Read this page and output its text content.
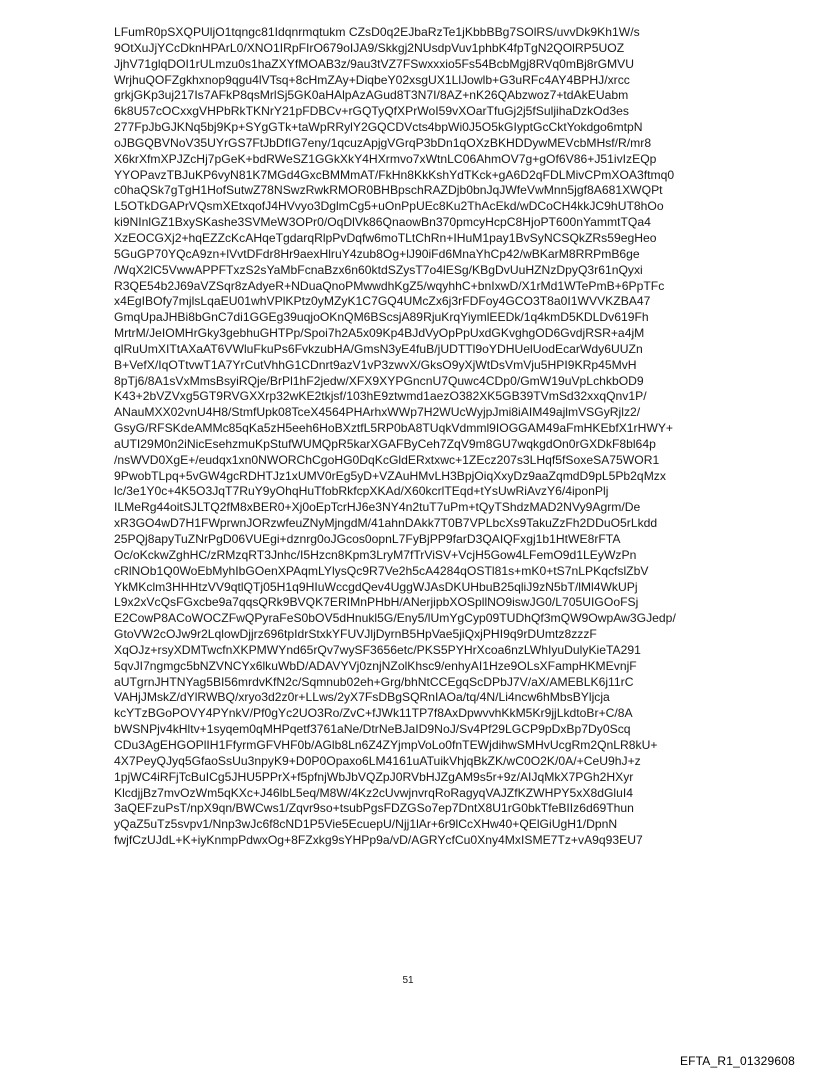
LFumR0pSXQPUljO1tqngc81Idqnrmqtukm CZsD0q2EJbaRzTe1jKbbBBg7SOlRS/uvvDk9Kh1W/s
9OtXuJjYCcDknHPArL0/XNO1IRpFIrO679oIJA9/Skkgj2NUsdpVuv1phbK4fpTgN2QOlRP5UOZ
JjhV71glqDOI1rULmzu0s1haZXYfMOAB3z/9au3tVZ7FSwxxxio5Fs54BcbMgj8RVq0mBj8rGMVU
WrjhuQOFZgkhxnop9qgu4lVTsq+8cHmZAy+DiqbeY02xsgUX1LlJowlb+G3uRFc4AY4BPHJ/xrcc
grkjGKp3uj217Is7AFkP8qsMrlSj5GK0aHAlpAzAGud8T3N7I/8AZ+nK26QAbzwoz7+tdAkEUabm
6k8U57cOCxxgVHPbRkTKNrY21pFDBCv+rGQTyQfXPrWoI59vXOarTfuGj2j5fSuljihaDzkOd3es
277FpJbGJKNq5bj9Kp+SYgGTk+taWpRRylY2GQCDVcts4bpWi0J5O5kGIyptGcCktYokdgo6mtpN
oJBGQBVNoV35UYrGS7FtJbDfIG7eny/1qcuzApjgVGrqP3bDn1qOXzBKHDDywMEVcbMHsf/R/mr8
X6krXfmXPJZcHj7pGeK+bdRWeSZ1GGkXkY4HXrmvo7xWtnLC06AhmOV7g+gOf6V86+J51ivIzEQp
YYOPavzTBJuKP6vyN81K7MGd4GxcBMMmAT/FkHn8KkKshYdTKck+gA6D2qFDLMivCPmXOA3ftmq0
c0haQSk7gTgH1HofSutwZ78NSwzRwkRMOR0BHBpschRAZDjb0bnJqJWfeVwMnn5jgf8A681XWQPt
L5OTkDGAPrVQsmXEtxqofJ4HVvyo3DglmCg5+uOnPpUEc8Ku2ThAcEkd/wDCoCH4kkJC9hUT8hOo
ki9NInlGZ1BxySKashe3SVMeW3OPr0/OqDlVk86QnaowBn370pmcyHcpC8HjoPT600nYammtTQa4
XzEOCGXj2+hqEZZcKcAHqeTgdarqRlpPvDqfw6moTLtChRn+IHuM1pay1BvSyNCSQkZRs59egHeo
5GuGP70YQcA9zn+lVvtDFdr8Hr9aexHlruY4zub8Og+lJ90iFd6MnaYhCp42/wBKarM8RRPmB6ge
/WqX2lC5VwwAPPFTxzS2sYaMbFcnaBzx6n60ktdSZysT7o4lESg/KBgDvUuHZNzDpyQ3r61nQyxi
R3QE54b2J69aVZSqr8zAdyeR+NDuaQnoPMwwdhKgZ5/wqyhhC+bnIxwD/X1rMd1WTePmB+6PpTFc
x4EgIBOfy7mjlsLqaEU01whVPlKPtz0yMZyK1C7GQ4UMcZx6j3rFDFoy4GCO3T8a0I1WVVKZBA47
GmqUpaJHBi8bGnC7di1GGEg39uqjoOKnQM6BScsjA89RjuKrqYiymlEEDk/1q4kmD5KDLDv619Fh
MrtrM/JeIOMHrGky3gebhuGHTPp/Spoi7h2A5x09Kp4BJdVyOpPpUxdGKvghgOD6GvdjRSR+a4jM
qlRuUmXITtAXaAT6VWluFkuPs6FvkzubHA/GmsN3yE4fuB/jUDTTl9oYDHUelUodEcarWdy6UUZn
B+VefX/IqOTtvwT1A7YrCutVhhG1CDnrt9azV1vP3zwvX/GksO9yXjWtDsVmVju5HPI9KRp45MvH
8pTj6/8A1sVxMmsBsyiRQje/BrPl1hF2jedw/XFX9XYPGncnU7Quwc4CDp0/GmW19uVpLchkbOD9
K43+2bVZVxg5GT9RVGXXrp32wKE2tkjsf/103hE9ztwmd1aezO382XK5GB39TVmSd32xxqQnv1P/
ANauMXX02vnU4H8/StmfUpk08TceX4564PHArhxWWp7H2WUcWyjpJmi8iAIM49ajlmVSGyRjlz2/
GsyG/RFSKdeAMMc85qKa5zH5eeh6HoBXztfL5RP0bA8TUqkVdmml9IOGGAM49aFmHKEbfX1rHWY+
aUTI29M0n2iNicEsehzmuKpStufWUMQpR5karXGAFByCeh7ZqV9m8GU7wqkgdOn0rGXDkF8bl64p
/nsWVD0XgE+/eudqx1xn0NWORChCgoHG0DqKcGldERxtxwc+1ZEcz207s3LHqf5fSoxeSA75WOR1
9PwobTLpq+5vGW4gcRDHTJz1xUMV0rEg5yD+VZAuHMvLH3BpjOiqXxyDz9aaZqmdD9pL5Pb2qMzx
lc/3e1Y0c+4K5O3JqT7RuY9yOhqHuTfobRkfcpXKAd/X60kcrlTEqd+tYsUwRiAvzY6/4iponPlj
ILMeRg44oitSJLTQ2fM8xBER0+Xj0oEpTcrHJ6e3NY4n2tuT7uPm+tQyTShdzMAD2NVy9Agrm/De
xR3GO4wD7H1FWprwnJORzwfeuZNyMjngdM/41ahnDAkk7T0B7VPLbcXs9TakuZzFh2DDuO5rLkdd
25PQj8apyTuZNrPgD06VUEgi+dznrg0oJGcos0opnL7FyBjPP9farD3QAIQFxgj1b1HtWE8rFTA
Oc/oKckwZghHC/zRMzqRT3Jnhc/I5Hzcn8Kpm3LryM7fTrViSV+VcjH5Gow4LFemO9d1LEyWzPn
cRlNOb1Q0WoEbMyhIbGOenXPAqmLYlysQc9R7Ve2h5cA4284qOSTl81s+mK0+tS7nLPKqcfslZbV
YkMKclm3HHHtzVV9qtlQTj05H1q9HIuWccgdQev4UggWJAsDKUHbuB25qliJ9zN5bT/lMl4WkUPj
L9x2xVcQsFGxcbe9a7qqsQRk9BVQK7ERIMnPHbH/ANerjipbXOSpllNO9iswJG0/L705UIGOoFSj
E2CowP8ACoWOCZFwQPyraFeS0bOV5dHnukl5G/Eny5/lUmYgCyp09TUDhQf3mQW9OwpAw3GJedp/
GtoVW2cOJw9r2LqlowDjjrz696tpIdrStxkYFUVJljDyrnB5HpVae5jiQxjPHI9q9rDUmtz8zzzF
XqOJz+rsyXDMTwcfnXKPMWYnd65rQv7wySF3656etc/PKS5PYHrXcoa6nzLWhIyuDulyKieTA291
5qvJI7ngmgc5bNZVNCYx6lkuWbD/ADAVYVj0znjNZolKhsc9/enhyAI1Hze9OLsXFampHKMEvnjF
aUTgrnJHTNYag5BI56mrdvKfN2c/Sqmnub02eh+Grg/bhNtCCEgqScDPbJ7V/aX/AMEBLK6j11rC
VAHjJMskZ/dYlRWBQ/xryo3d2z0r+LLws/2yX7FsDBgSQRnIAOa/tq/4N/Li4ncw6hMbsBYljcja
kcYTzBGoPOVY4PYnkV/Pf0gYc2UO3Ro/ZvC+fJWk11TP7f8AxDpwvvhKkM5Kr9jjLkdtoBr+C/8A
bWSNPjv4kHltv+1syqem0qMHPqetf3761aNe/DtrNeBJaID9NoJ/Sv4Pf29LGCP9pDxBp7Dy0Scq
CDu3AgEHGOPlIH1FfyrmGFVHF0b/AGlb8Ln6Z4ZYjmpVoLo0fnTEWjdihwSMHvUcgRm2QnLR8kU+
4X7PeyQJyq5GfaoSsUu3npyK9+D0P0Opaxo6LM4161uATuikVhjqBkZK/wC0O2K/0A/+CeU9hJ+z
1pjWC4iRFjTcBuICg5JHU5PPrX+f5pfnjWbJbVQZpJ0RVbHJZgAM9s5r+9z/AIJqMkX7PGh2HXyr
KlcdjjBz7mvOzWm5qKXc+J46lbL5eq/M8W/4Kz2cUvwjnvrqRoRagyqVAJZfKZWHPY5xX8dGluI4
3aQEFzuPsT/npX9qn/BWCws1/Zqvr9so+tsubPgsFDZGSo7ep7DntX8U1rG0bkTfeBIIz6d69Thun
yQaZ5uTz5svpv1/Nnp3wJc6f8cND1P5Vie5EcuepU/Njj1lAr+6r9lCcXHw40+QElGiUgH1/DpnN
fwjfCzUJdL+K+iyKnmpPdwxOg+8FZxkg9sYHPp9a/vD/AGRYcfCu0Xny4MxISME7Tz+vA9q93EU7
51
EFTA_R1_01329608
